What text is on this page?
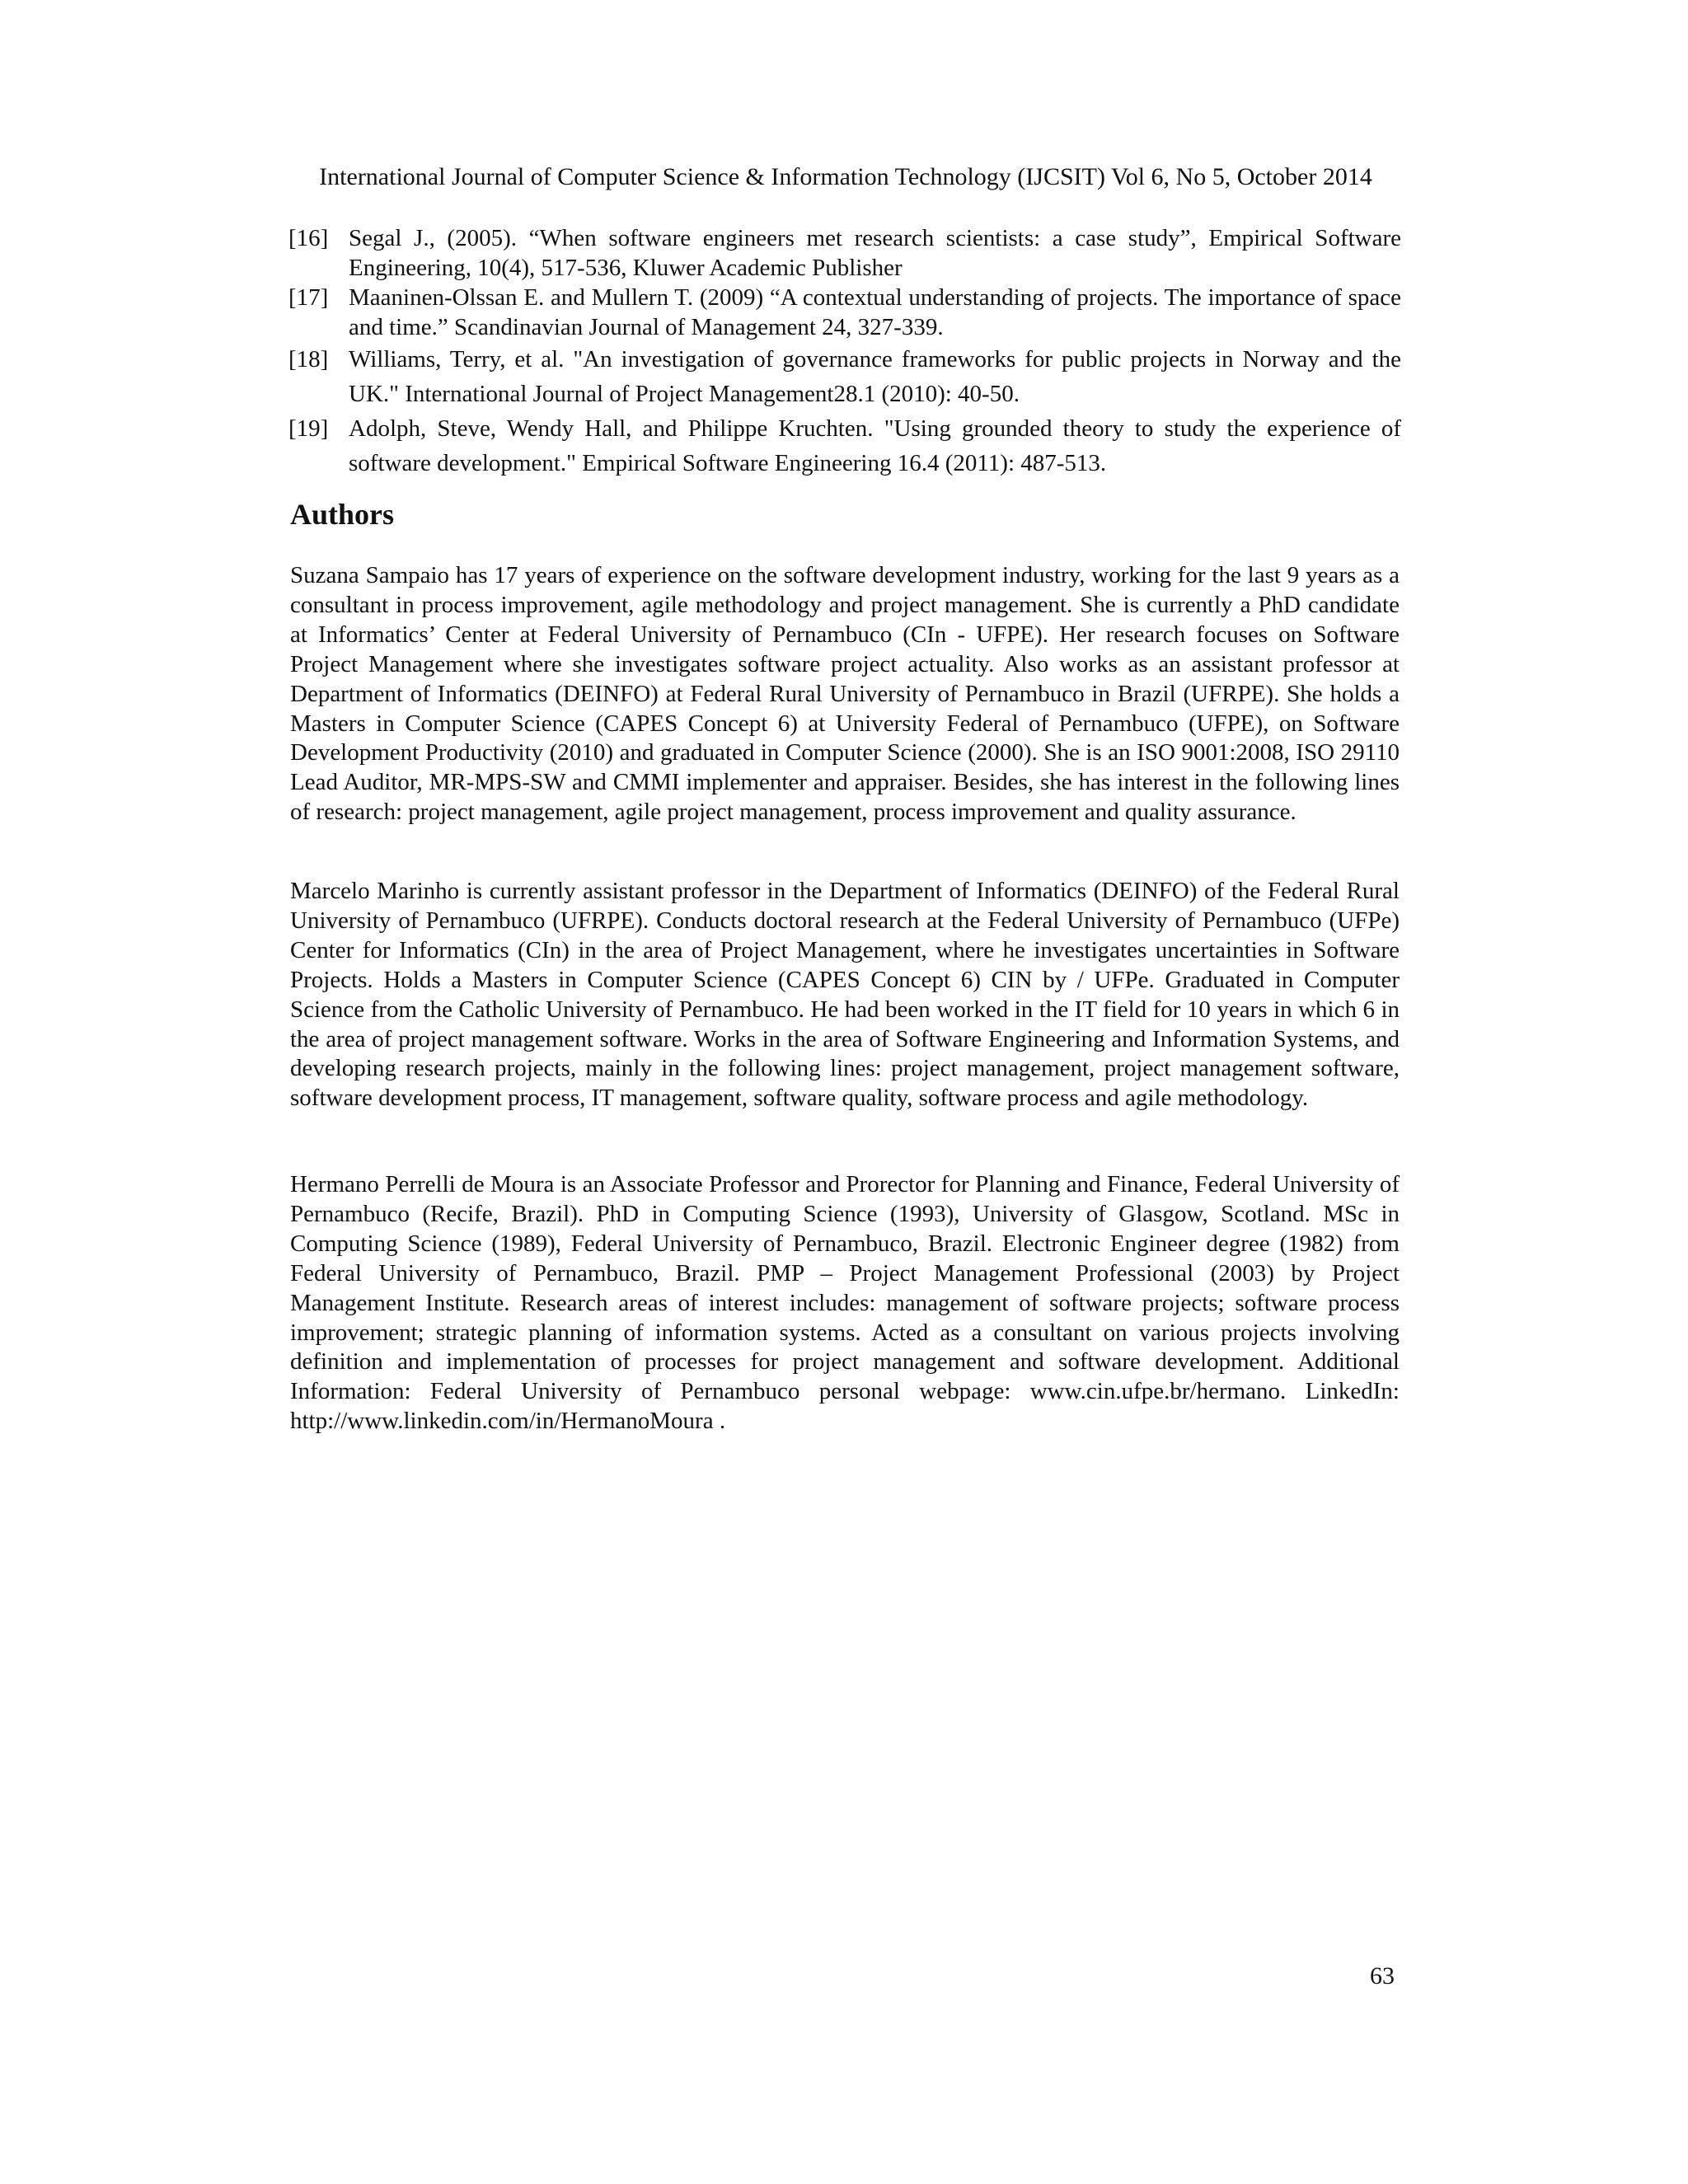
International Journal of Computer Science & Information Technology (IJCSIT) Vol 6, No 5, October 2014
[16] Segal J., (2005). “When software engineers met research scientists: a case study”, Empirical Software Engineering, 10(4), 517-536, Kluwer Academic Publisher
[17] Maaninen-Olssan E. and Mullern T. (2009) “A contextual understanding of projects. The importance of space and time.” Scandinavian Journal of Management 24, 327-339.
[18] Williams, Terry, et al. "An investigation of governance frameworks for public projects in Norway and the UK." International Journal of Project Management28.1 (2010): 40-50.
[19] Adolph, Steve, Wendy Hall, and Philippe Kruchten. "Using grounded theory to study the experience of software development." Empirical Software Engineering 16.4 (2011): 487-513.
Authors

Suzana Sampaio has 17 years of experience on the software development industry, working for the last 9 years as a consultant in process improvement, agile methodology and project management. She is currently a PhD candidate at Informatics’ Center at Federal University of Pernambuco (CIn - UFPE). Her research focuses on Software Project Management where she investigates software project actuality. Also works as an assistant professor at Department of Informatics (DEINFO) at Federal Rural University of Pernambuco in Brazil (UFRPE). She holds a Masters in Computer Science (CAPES Concept 6) at University Federal of Pernambuco (UFPE), on Software Development Productivity (2010) and graduated in Computer Science (2000). She is an ISO 9001:2008, ISO 29110 Lead Auditor, MR-MPS-SW and CMMI implementer and appraiser. Besides, she has interest in the following lines of research: project management, agile project management, process improvement and quality assurance.

Marcelo Marinho is currently assistant professor in the Department of Informatics (DEINFO) of the Federal Rural University of Pernambuco (UFRPE). Conducts doctoral research at the Federal University of Pernambuco (UFPe) Center for Informatics (CIn) in the area of Project Management, where he investigates uncertainties in Software Projects. Holds a Masters in Computer Science (CAPES Concept 6) CIN by / UFPe. Graduated in Computer Science from the Catholic University of Pernambuco. He had been worked in the IT field for 10 years in which 6 in the area of project management software. Works in the area of Software Engineering and Information Systems, and developing research projects, mainly in the following lines: project management, project management software, software development process, IT management, software quality, software process and agile methodology.

Hermano Perrelli de Moura is an Associate Professor and Prorector for Planning and Finance, Federal University of Pernambuco (Recife, Brazil). PhD in Computing Science (1993), University of Glasgow, Scotland. MSc in Computing Science (1989), Federal University of Pernambuco, Brazil. Electronic Engineer degree (1982) from Federal University of Pernambuco, Brazil. PMP – Project Management Professional (2003) by Project Management Institute. Research areas of interest includes: management of software projects; software process improvement; strategic planning of information systems. Acted as a consultant on various projects involving definition and implementation of processes for project management and software development. Additional Information: Federal University of Pernambuco personal webpage: www.cin.ufpe.br/hermano. LinkedIn: http://www.linkedin.com/in/HermanoMoura .

63
